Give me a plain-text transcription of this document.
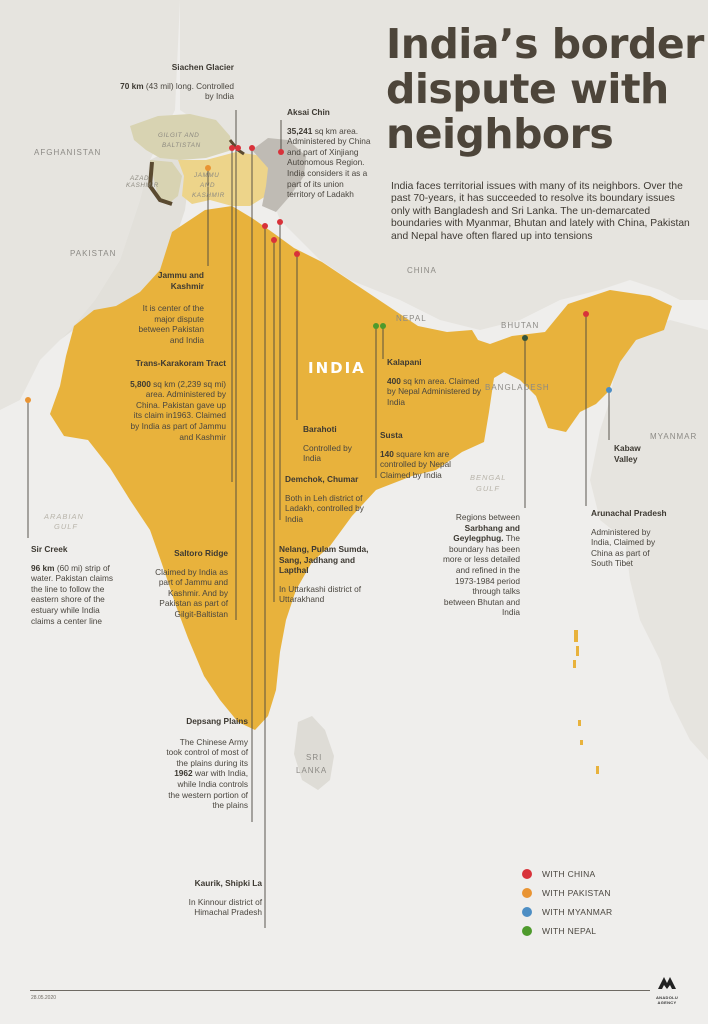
India’s border dispute with neighbors
India faces territorial issues with many of its neighbors. Over the past 70-years, it has succeeded to resolve its boundary issues only with Bangladesh and Sri Lanka. The un-demarcated boundaries with Myanmar, Bhutan and lately with China, Pakistan and Nepal have often flared up into tensions
AFGHANISTAN
PAKISTAN
CHINA
NEPAL
BHUTAN
BANGLADESH
MYANMAR
SRI
LANKA
INDIA
ARABIAN
GULF
BENGAL
GULF
GILGIT AND
BALTISTAN
AZAD
KASHMIR
JAMMU
AND
KASHMIR
Siachen Glacier
70 km (43 mil) long. Controlled by India
Aksai Chin
35,241 sq km area. Administered by China and part of Xinjiang Autonomous Region. India considers it as a part of its union territory of Ladakh
Jammu and Kashmir
It is center of the major dispute between Pakistan and India
Trans-Karakoram Tract
5,800 sq km (2,239 sq mi) area. Administered by China. Pakistan gave up its claim in1963. Claimed by India as part of Jammu and Kashmir
Barahoti
Controlled by India
Kalapani
400 sq km area. Claimed by Nepal Administered by India
Susta
140 square km are controlled by Nepal Claimed by India
Demchok, Chumar
Both in Leh district of Ladakh, controlled by India
Nelang, Pulam Sumda, Sang, Jadhang and Lapthal
In Uttarkashi district of Uttarakhand
Saltoro Ridge
Claimed by India as part of Jammu and Kashmir. And by Pakistan as part of Gilgit-Baltistan
Sir Creek
96 km (60 mi) strip of water. Pakistan claims the line to follow the eastern shore of the estuary while India claims a center line
Depsang Plains
The Chinese Army took control of most of the plains during its 1962 war with India, while India controls the western portion of the plains
Kaurik, Shipki La
In Kinnour district of Himachal Pradesh
Regions between Sarbhang and Geylegphug. The boundary has been more or less detailed and refined in the 1973-1984 period through talks between Bhutan and India
Kabaw Valley
Arunachal Pradesh
Administered by India, Claimed by China as part of South Tibet
WITH CHINA
WITH PAKISTAN
WITH MYANMAR
WITH NEPAL
28.05.2020	ANADOLU AGENCY
